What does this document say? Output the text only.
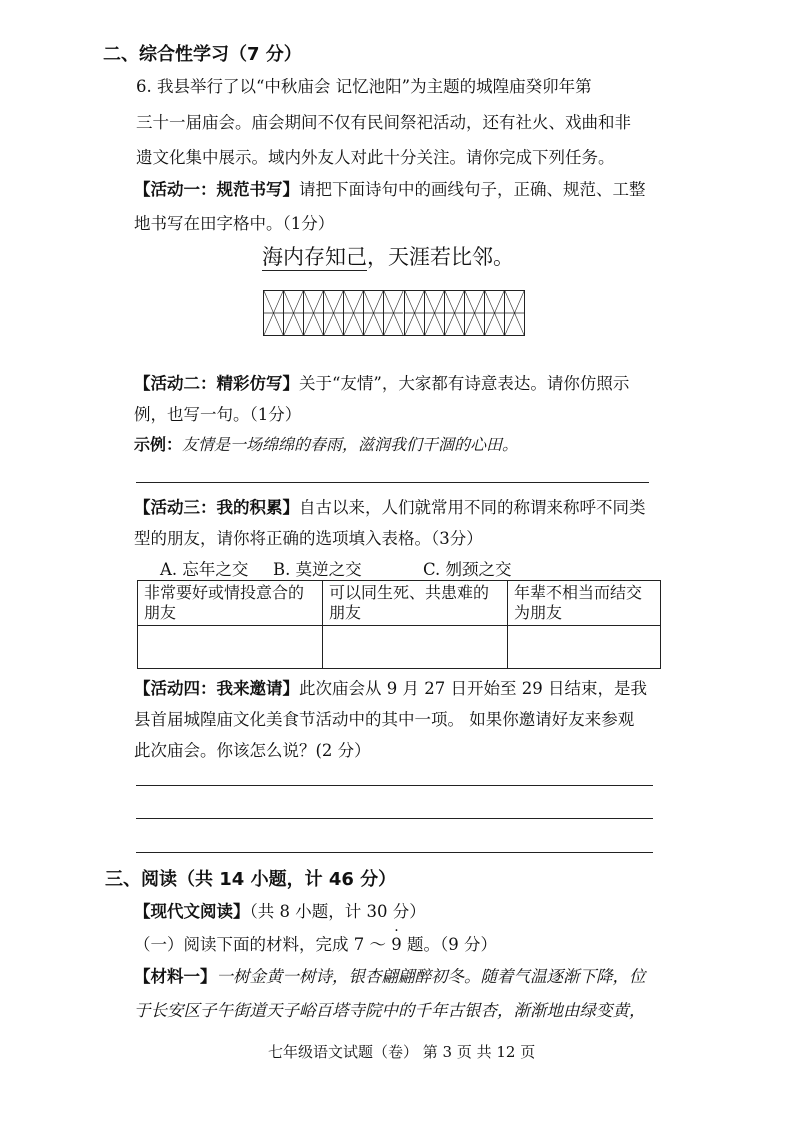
二、综合性学习（7 分）
6. 我县举行了以“中秋庙会 记忆池阳”为主题的城隍庙癸卯年第
三十一届庙会。庙会期间不仅有民间祭祀活动，还有社火、戏曲和非
遗文化集中展示。域内外友人对此十分关注。请你完成下列任务。
【活动一：规范书写】请把下面诗句中的画线句子，正确、规范、工整
地书写在田字格中。（1分）
海内存知己，天涯若比邻。
【活动二：精彩仿写】关于“友情”，大家都有诗意表达。请你仿照示
例，也写一句。（1分）
示例：友情是一场绵绵的春雨，滋润我们干涸的心田。
【活动三：我的积累】自古以来，人们就常用不同的称谓来称呼不同类
型的朋友，请你将正确的选项填入表格。（3分）
A. 忘年之交 B. 莫逆之交	C. 刎颈之交
非常要好或情投意合的朋友	可以同生死、共患难的朋友	年辈不相当而结交为朋友

【活动四：我来邀请】此次庙会从 9 月 27 日开始至 29 日结束，是我
县首届城隍庙文化美食节活动中的其中一项。 如果你邀请好友来参观
此次庙会。你该怎么说？(2 分）
三、阅读（共 14 小题，计 46 分）
【现代文阅读】（共 8 小题，计 30 分）
（一）阅读下面的材料，完成 7 ～ 9 · 题。（9 分）
【材料一】一树金黄一树诗，银杏翩翩醉初冬。随着气温逐渐下降，位
于长安区子午街道天子峪百塔寺院中的千年古银杏，渐渐地由绿变黄，
七年级语文试题（卷） 第 3 页 共 12 页
